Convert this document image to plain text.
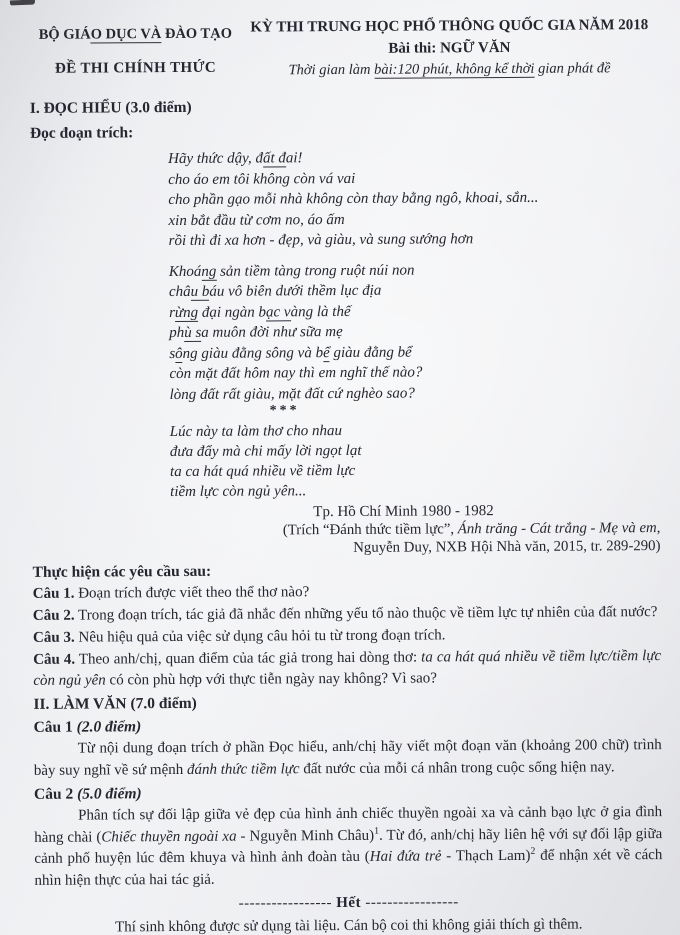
BỘ GIÁO DỤC VÀ ĐÀO TẠO
ĐỀ THI CHÍNH THỨC
KỲ THI TRUNG HỌC PHỔ THÔNG QUỐC GIA NĂM 2018
Bài thi: NGỮ VĂN
Thời gian làm bài:120 phút, không kể thời gian phát đề
I. ĐỌC HIỂU (3.0 điểm)
Đọc đoạn trích:
Hãy thức dậy, đất đai!
cho áo em tôi không còn vá vai
cho phần gạo mỗi nhà không còn thay bằng ngô, khoai, sắn...
xin bắt đầu từ cơm no, áo ấm
rồi thì đi xa hơn - đẹp, và giàu, và sung sướng hơn
Khoáng sản tiềm tàng trong ruột núi non
châu báu vô biên dưới thềm lục địa
rừng đại ngàn bạc vàng là thế
phù sa muôn đời như sữa mẹ
sông giàu đằng sông và bể giàu đằng bể
còn mặt đất hôm nay thì em nghĩ thế nào?
lòng đất rất giàu, mặt đất cứ nghèo sao?
***
Lúc này ta làm thơ cho nhau
đưa đẩy mà chi mấy lời ngọt lạt
ta ca hát quá nhiều về tiềm lực
tiềm lực còn ngủ yên...
Tp. Hồ Chí Minh 1980 - 1982
(Trích “Đánh thức tiềm lực”, Ánh trăng - Cát trắng - Mẹ và em,
Nguyễn Duy, NXB Hội Nhà văn, 2015, tr. 289-290)
Thực hiện các yêu cầu sau:
Câu 1. Đoạn trích được viết theo thể thơ nào?
Câu 2. Trong đoạn trích, tác giả đã nhắc đến những yếu tố nào thuộc về tiềm lực tự nhiên của đất nước?
Câu 3. Nêu hiệu quả của việc sử dụng câu hỏi tu từ trong đoạn trích.
Câu 4. Theo anh/chị, quan điểm của tác giả trong hai dòng thơ: ta ca hát quá nhiều về tiềm lực/tiềm lực còn ngủ yên có còn phù hợp với thực tiễn ngày nay không? Vì sao?
II. LÀM VĂN (7.0 điểm)
Câu 1 (2.0 điểm)
Từ nội dung đoạn trích ở phần Đọc hiểu, anh/chị hãy viết một đoạn văn (khoảng 200 chữ) trình bày suy nghĩ về sứ mệnh đánh thức tiềm lực đất nước của mỗi cá nhân trong cuộc sống hiện nay.
Câu 2 (5.0 điểm)
Phân tích sự đối lập giữa vẻ đẹp của hình ảnh chiếc thuyền ngoài xa và cảnh bạo lực ở gia đình hàng chài (Chiếc thuyền ngoài xa - Nguyễn Minh Châu)$^1$. Từ đó, anh/chị hãy liên hệ với sự đối lập giữa cảnh phố huyện lúc đêm khuya và hình ảnh đoàn tàu (Hai đứa trẻ - Thạch Lam)$^2$ để nhận xét về cách nhìn hiện thực của hai tác giả.
----------------- Hết -----------------
Thí sinh không được sử dụng tài liệu. Cán bộ coi thi không giải thích gì thêm.
